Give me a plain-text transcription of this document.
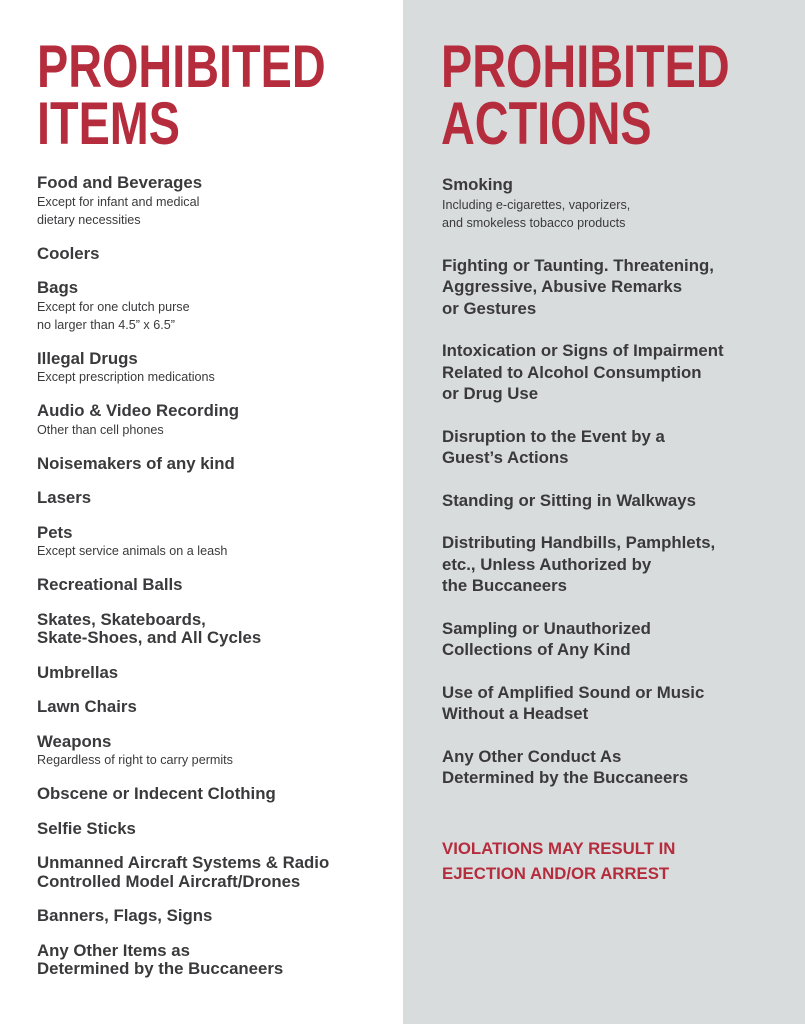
PROHIBITED
ITEMS
PROHIBITED
ACTIONS
Food and Beverages
Except for infant and medical
dietary necessities
Coolers
Bags
Except for one clutch purse
no larger than 4.5” x 6.5”
Illegal Drugs
Except prescription medications
Audio & Video Recording
Other than cell phones
Noisemakers of any kind
Lasers
Pets
Except service animals on a leash
Recreational Balls
Skates, Skateboards,
Skate-Shoes, and All Cycles
Umbrellas
Lawn Chairs
Weapons
Regardless of right to carry permits
Obscene or Indecent Clothing
Selfie Sticks
Unmanned Aircraft Systems & Radio
Controlled Model Aircraft/Drones
Banners, Flags, Signs
Any Other Items as
Determined by the Buccaneers
Smoking
Including e-cigarettes, vaporizers,
and smokeless tobacco products
Fighting or Taunting. Threatening,
Aggressive, Abusive Remarks
or Gestures
Intoxication or Signs of Impairment
Related to Alcohol Consumption
or Drug Use
Disruption to the Event by a
Guest’s Actions
Standing or Sitting in Walkways
Distributing Handbills, Pamphlets,
etc., Unless Authorized by
the Buccaneers
Sampling or Unauthorized
Collections of Any Kind
Use of Amplified Sound or Music
Without a Headset
Any Other Conduct As
Determined by the Buccaneers
VIOLATIONS MAY RESULT IN
EJECTION AND/OR ARREST
